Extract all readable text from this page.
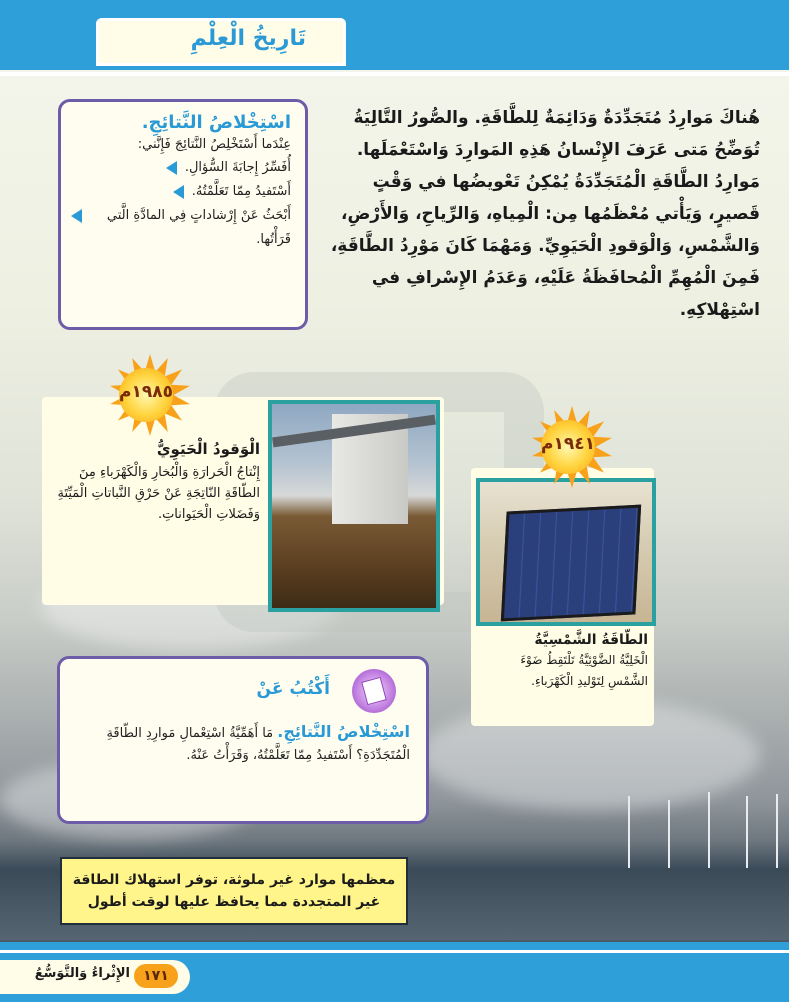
تَارِيخُ الْعِلْمِ

هُناكَ مَوارِدُ مُتَجَدِّدَةٌ وَدَائِمَةٌ لِلطَّاقَةِ. والصُّورُ التَّالِيَةُ تُوَضِّحُ مَتى عَرَفَ الإِنْسانُ هَذِهِ المَوارِدَ وَاسْتَعْمَلَها.

مَوارِدُ الطَّاقَةِ الْمُتَجَدِّدَةُ يُمْكِنُ تَعْويضُها في وَقْتٍ قَصيرٍ، وَيَأْتي مُعْظَمُها مِن: الْمِياهِ، وَالرِّياحِ، وَالأَرْضِ، وَالشَّمْسِ، وَالْوَقودِ الْحَيَوِيِّ. وَمَهْمَا كَانَ مَوْرِدُ الطَّاقَةِ، فَمِنَ الْمُهِمِّ الْمُحافَظَةُ عَلَيْهِ، وَعَدَمُ الإِسْرافِ في اسْتِهْلاكِهِ.

اسْتِخْلاصُ النَّتائِجِ.
عِنْدَما أَسْتَخْلِصُ النَّتائِجَ فَإِنَّني:
أُفَسِّرُ إِجابَةَ السُّؤالِ.
أَسْتَفيدُ مِمّا تَعَلَّمْتُهُ.
أَبْحَثُ عَنْ إِرْشاداتٍ فِي المادَّةِ الَّتي قَرَأْتُها.
الْوَقودُ الْحَيَوِيُّ
إِنْتاجُ الْحَرارَةِ وَالْبُخارِ وَالْكَهْرَباءِ مِنَ الطّاقَةِ النّاتِجَةِ عَنْ حَرْقِ النَّباتاتِ الْمَيِّتَةِ وَفَضَلاتِ الْحَيَواناتِ.
١٩٨٥م
الطّاقَةُ الشَّمْسِيَّةُ
الْخَلِيَّةُ الضَّوْئِيَّةُ تَلْتَقِطُ ضَوْءَ الشَّمْسِ لِتَوْليدِ الْكَهْرَباءِ.
١٩٤١م
أَكْتُبُ عَنْ
اسْتِخْلاصُ النَّتائِجِ. مَا أَهَمِّيَّةُ اسْتِعْمالِ مَوارِدِ الطّاقَةِ الْمُتَجَدِّدَةِ؟ أَسْتَفيدُ مِمّا تَعَلَّمْتُهُ، وَقَرَأْتُ عَنْهُ.
معظمها موارد غير ملوثة، توفر استهلاك الطاقة
غير المتجددة مما يحافظ عليها لوقت أطول
١٧١
الإِثْراءُ وَالتَّوَسُّعُ
